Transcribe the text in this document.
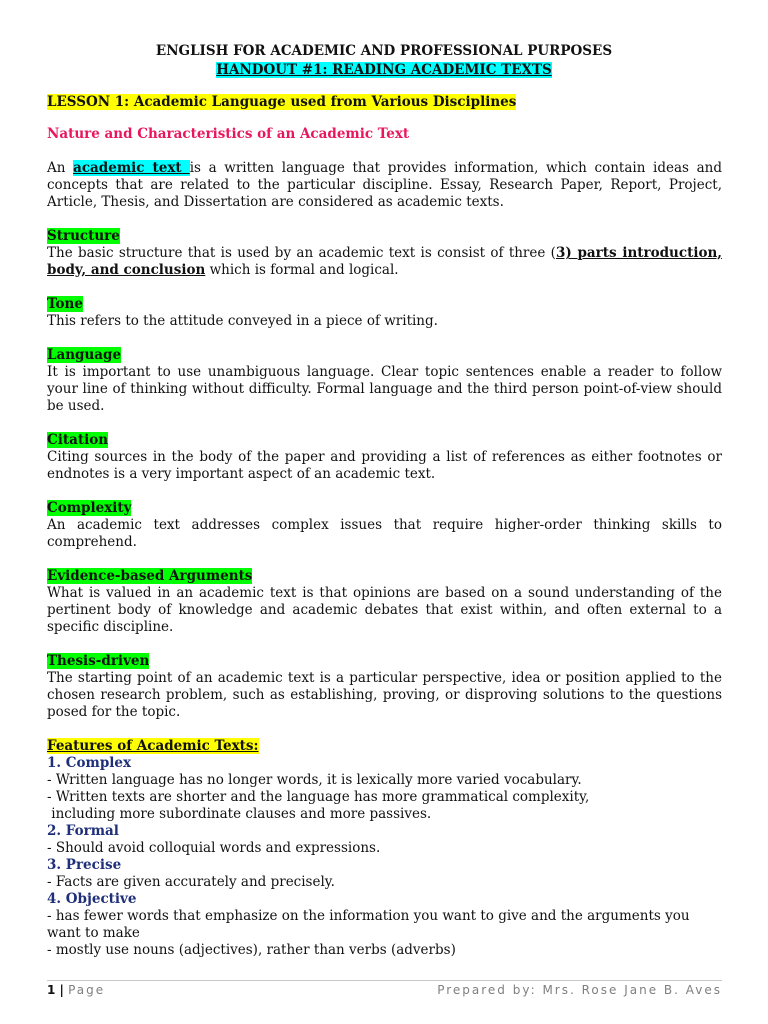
ENGLISH FOR ACADEMIC AND PROFESSIONAL PURPOSES
HANDOUT #1: READING ACADEMIC TEXTS

LESSON 1: Academic Language used from Various Disciplines

Nature and Characteristics of an Academic Text

An academic text is a written language that provides information, which contain ideas and concepts that are related to the particular discipline. Essay, Research Paper, Report, Project, Article, Thesis, and Dissertation are considered as academic texts.

Structure

The basic structure that is used by an academic text is consist of three (3) parts introduction, body, and conclusion which is formal and logical.

Tone

This refers to the attitude conveyed in a piece of writing.

Language

It is important to use unambiguous language. Clear topic sentences enable a reader to follow your line of thinking without difficulty. Formal language and the third person point-of-view should be used.

Citation

Citing sources in the body of the paper and providing a list of references as either footnotes or endnotes is a very important aspect of an academic text.

Complexity

An academic text addresses complex issues that require higher-order thinking skills to comprehend.

Evidence-based Arguments

What is valued in an academic text is that opinions are based on a sound understanding of the pertinent body of knowledge and academic debates that exist within, and often external to a specific discipline.

Thesis-driven

The starting point of an academic text is a particular perspective, idea or position applied to the chosen research problem, such as establishing, proving, or disproving solutions to the questions posed for the topic.

Features of Academic Texts:
1. Complex

- Written language has no longer words, it is lexically more varied vocabulary.

- Written texts are shorter and the language has more grammatical complexity,

including more subordinate clauses and more passives.

2. Formal

- Should avoid colloquial words and expressions.

3. Precise

- Facts are given accurately and precisely.

4. Objective

- has fewer words that emphasize on the information you want to give and the arguments you want to make

- mostly use nouns (adjectives), rather than verbs (adverbs)

1 | Page	Prepared by: Mrs. Rose Jane B. Aves
